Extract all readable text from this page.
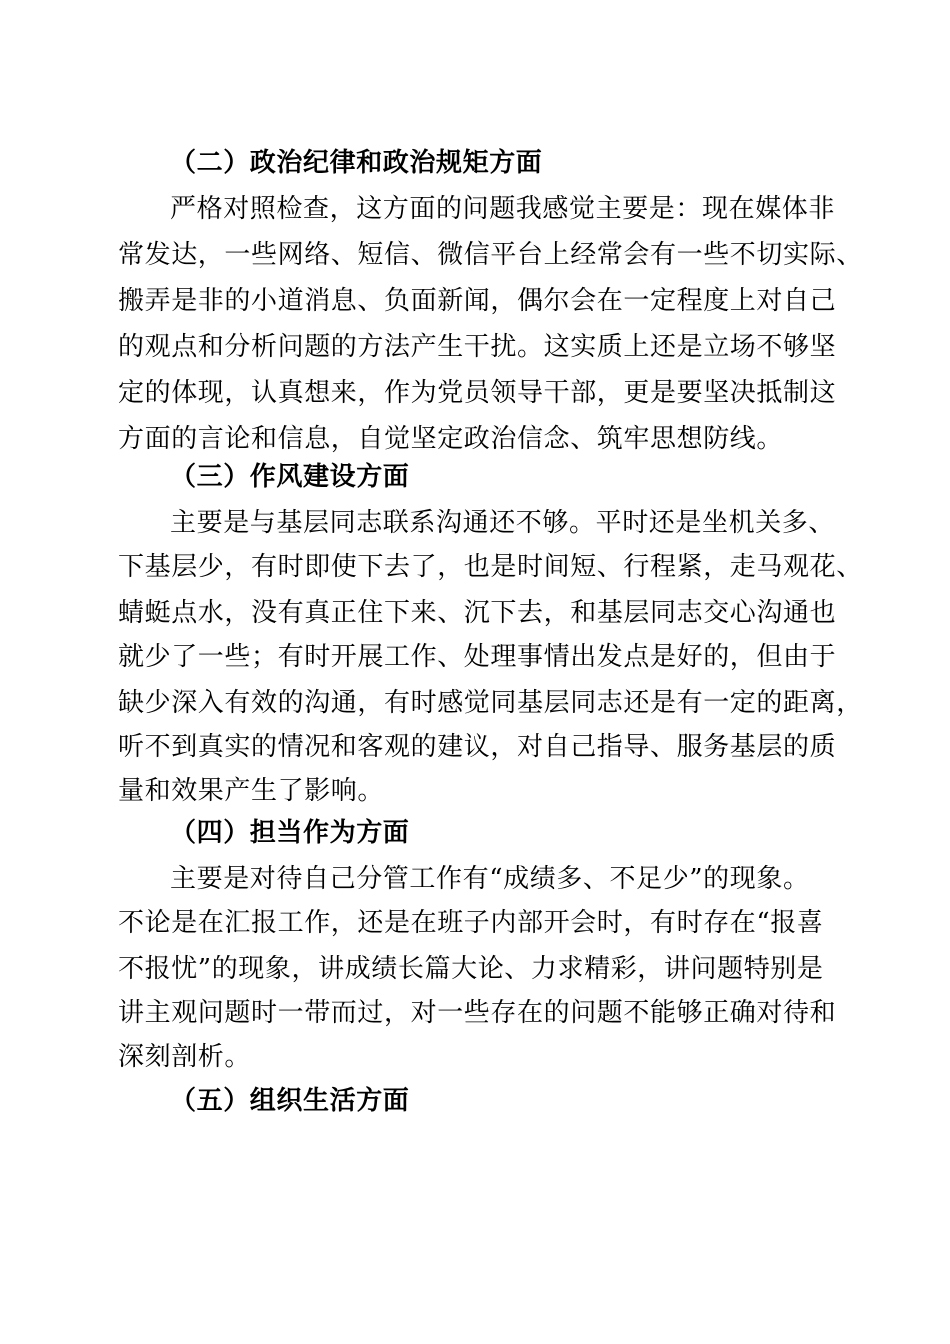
（二）政治纪律和政治规矩方面
严格对照检查，这方面的问题我感觉主要是：现在媒体非
常发达，一些网络、短信、微信平台上经常会有一些不切实际、
搬弄是非的小道消息、负面新闻，偶尔会在一定程度上对自己
的观点和分析问题的方法产生干扰。这实质上还是立场不够坚
定的体现，认真想来，作为党员领导干部，更是要坚决抵制这
方面的言论和信息，自觉坚定政治信念、筑牢思想防线。
（三）作风建设方面
主要是与基层同志联系沟通还不够。平时还是坐机关多、
下基层少，有时即使下去了，也是时间短、行程紧，走马观花、
蜻蜓点水，没有真正住下来、沉下去，和基层同志交心沟通也
就少了一些；有时开展工作、处理事情出发点是好的，但由于
缺少深入有效的沟通，有时感觉同基层同志还是有一定的距离，
听不到真实的情况和客观的建议，对自己指导、服务基层的质
量和效果产生了影响。
（四）担当作为方面
主要是对待自己分管工作有“成绩多、不足少”的现象。
不论是在汇报工作，还是在班子内部开会时，有时存在“报喜
不报忧”的现象，讲成绩长篇大论、力求精彩，讲问题特别是
讲主观问题时一带而过，对一些存在的问题不能够正确对待和
深刻剖析。
（五）组织生活方面
